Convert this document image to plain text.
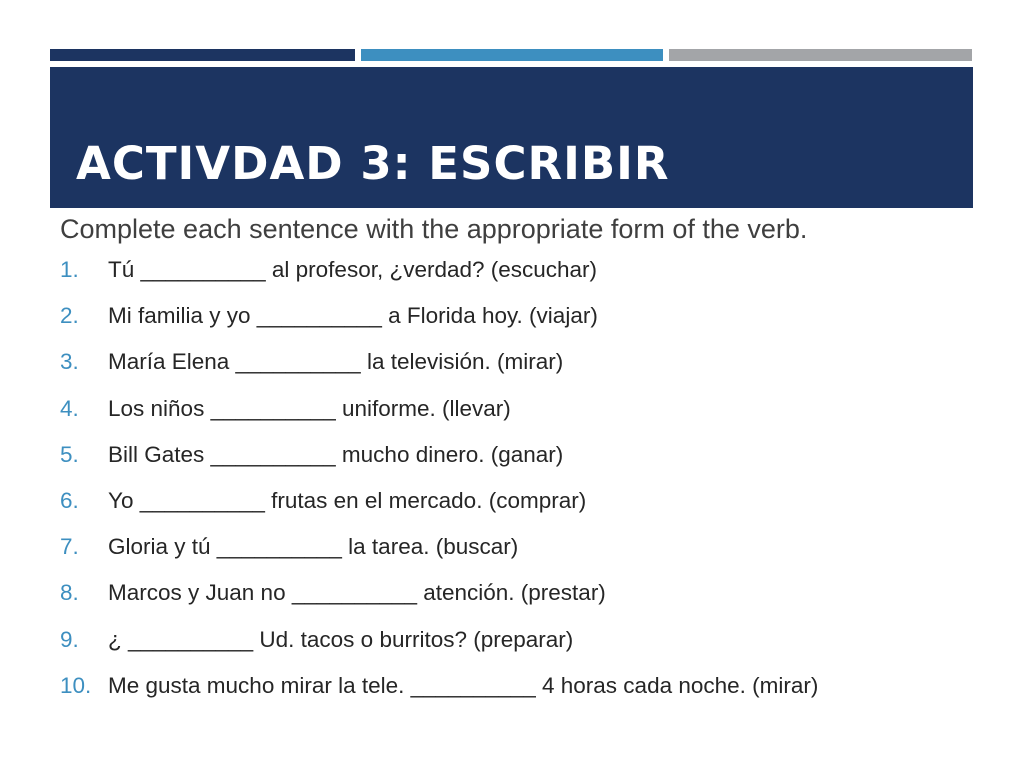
ACTIVDAD 3: ESCRIBIR

Complete each sentence with the appropriate form of the verb.

1.	Tú __________ al profesor, ¿verdad? (escuchar)
2.	Mi familia y yo __________ a Florida hoy. (viajar)
3.	María Elena __________ la televisión. (mirar)
4.	Los niños __________ uniforme. (llevar)
5.	Bill Gates __________ mucho dinero. (ganar)
6.	Yo __________ frutas en el mercado. (comprar)
7.	Gloria y tú __________ la tarea. (buscar)
8.	Marcos y Juan no __________ atención. (prestar)
9.	¿ __________ Ud. tacos o burritos? (preparar)
10. Me gusta mucho mirar la tele. __________ 4 horas cada noche. (mirar)
